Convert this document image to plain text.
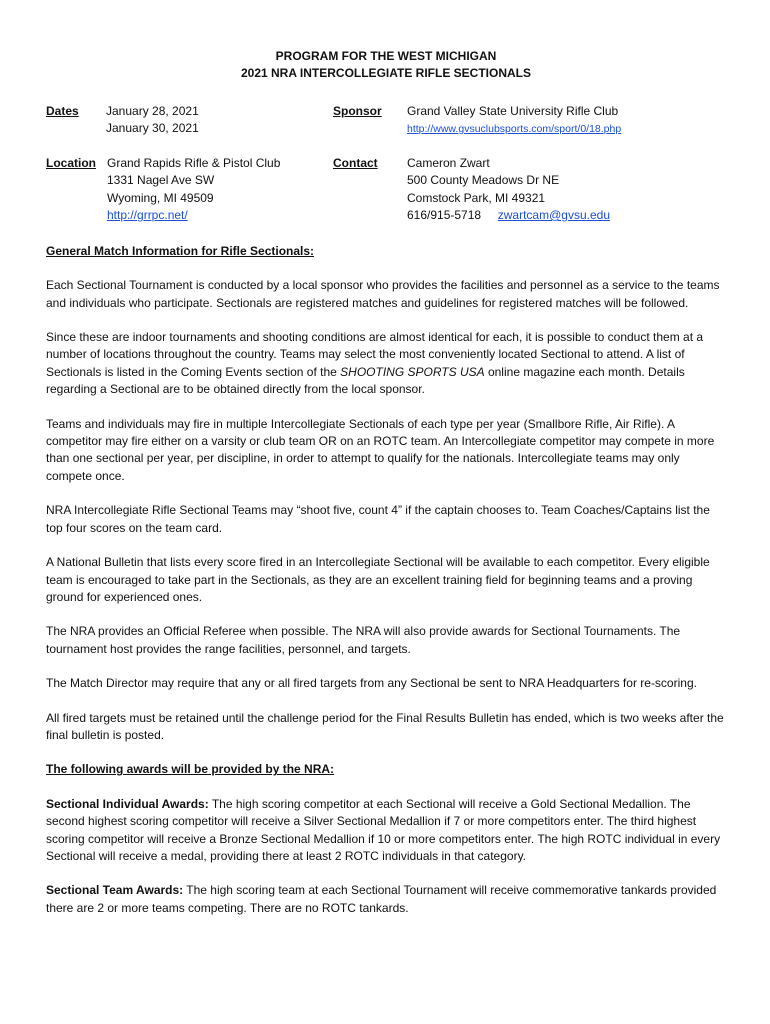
PROGRAM FOR THE WEST MICHIGAN
2021 NRA INTERCOLLEGIATE RIFLE SECTIONALS
Dates January 28, 2021
January 30, 2021
Sponsor Grand Valley State University Rifle Club
http://www.gvsuclubsports.com/sport/0/18.php
Location Grand Rapids Rifle & Pistol Club
1331 Nagel Ave SW
Wyoming, MI 49509
http://grrpc.net/
Contact Cameron Zwart
500 County Meadows Dr NE
Comstock Park, MI 49321
616/915-5718 zwartcam@gvsu.edu
General Match Information for Rifle Sectionals:

Each Sectional Tournament is conducted by a local sponsor who provides the facilities and personnel as a service to the teams and individuals who participate. Sectionals are registered matches and guidelines for registered matches will be followed.

Since these are indoor tournaments and shooting conditions are almost identical for each, it is possible to conduct them at a number of locations throughout the country. Teams may select the most conveniently located Sectional to attend. A list of Sectionals is listed in the Coming Events section of the SHOOTING SPORTS USA online magazine each month. Details regarding a Sectional are to be obtained directly from the local sponsor.

Teams and individuals may fire in multiple Intercollegiate Sectionals of each type per year (Smallbore Rifle, Air Rifle). A competitor may fire either on a varsity or club team OR on an ROTC team. An Intercollegiate competitor may compete in more than one sectional per year, per discipline, in order to attempt to qualify for the nationals. Intercollegiate teams may only compete once.

NRA Intercollegiate Rifle Sectional Teams may “shoot five, count 4” if the captain chooses to. Team Coaches/Captains list the top four scores on the team card.

A National Bulletin that lists every score fired in an Intercollegiate Sectional will be available to each competitor. Every eligible team is encouraged to take part in the Sectionals, as they are an excellent training field for beginning teams and a proving ground for experienced ones.

The NRA provides an Official Referee when possible. The NRA will also provide awards for Sectional Tournaments. The tournament host provides the range facilities, personnel, and targets.

The Match Director may require that any or all fired targets from any Sectional be sent to NRA Headquarters for re-scoring.

All fired targets must be retained until the challenge period for the Final Results Bulletin has ended, which is two weeks after the final bulletin is posted.

The following awards will be provided by the NRA:

Sectional Individual Awards: The high scoring competitor at each Sectional will receive a Gold Sectional Medallion. The second highest scoring competitor will receive a Silver Sectional Medallion if 7 or more competitors enter. The third highest scoring competitor will receive a Bronze Sectional Medallion if 10 or more competitors enter. The high ROTC individual in every Sectional will receive a medal, providing there at least 2 ROTC individuals in that category.

Sectional Team Awards: The high scoring team at each Sectional Tournament will receive commemorative tankards provided there are 2 or more teams competing. There are no ROTC tankards.
